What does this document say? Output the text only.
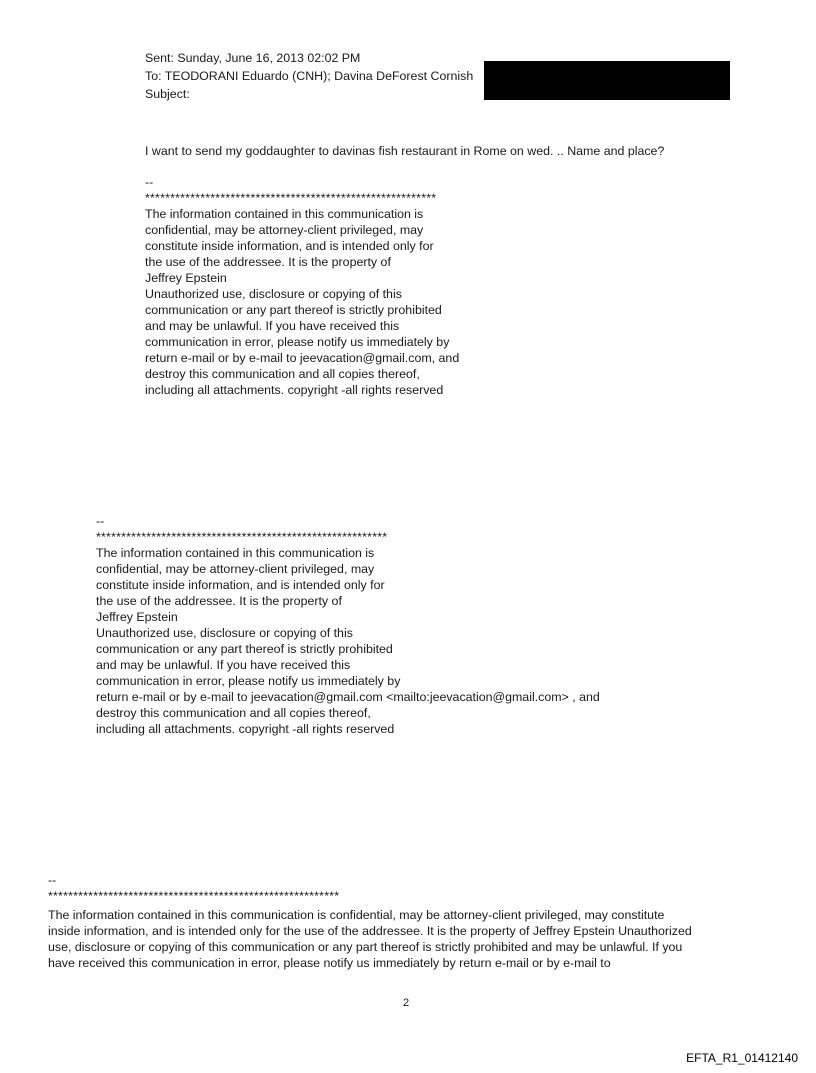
Sent: Sunday, June 16, 2013 02:02 PM
To: TEODORANI Eduardo (CNH); Davina DeForest Cornish
Subject:
I want to send my goddaughter to davinas fish restaurant in Rome on wed. .. Name and place?
--
**********************************************************
The information contained in this communication is
confidential, may be attorney-client privileged, may
constitute inside information, and is intended only for
the use of the addressee. It is the property of
Jeffrey Epstein
Unauthorized use, disclosure or copying of this
communication or any part thereof is strictly prohibited
and may be unlawful. If you have received this
communication in error, please notify us immediately by
return e-mail or by e-mail to jeevacation@gmail.com, and
destroy this communication and all copies thereof,
including all attachments. copyright -all rights reserved
--
**********************************************************
The information contained in this communication is
confidential, may be attorney-client privileged, may
constitute inside information, and is intended only for
the use of the addressee. It is the property of
Jeffrey Epstein
Unauthorized use, disclosure or copying of this
communication or any part thereof is strictly prohibited
and may be unlawful. If you have received this
communication in error, please notify us immediately by
return e-mail or by e-mail to jeevacation@gmail.com <mailto:jeevacation@gmail.com> , and
destroy this communication and all copies thereof,
including all attachments. copyright -all rights reserved
--
**********************************************************
The information contained in this communication is confidential, may be attorney-client privileged, may constitute
inside information, and is intended only for the use of the addressee. It is the property of Jeffrey Epstein Unauthorized
use, disclosure or copying of this communication or any part thereof is strictly prohibited and may be unlawful. If you
have received this communication in error, please notify us immediately by return e-mail or by e-mail to
2
EFTA_R1_01412140
